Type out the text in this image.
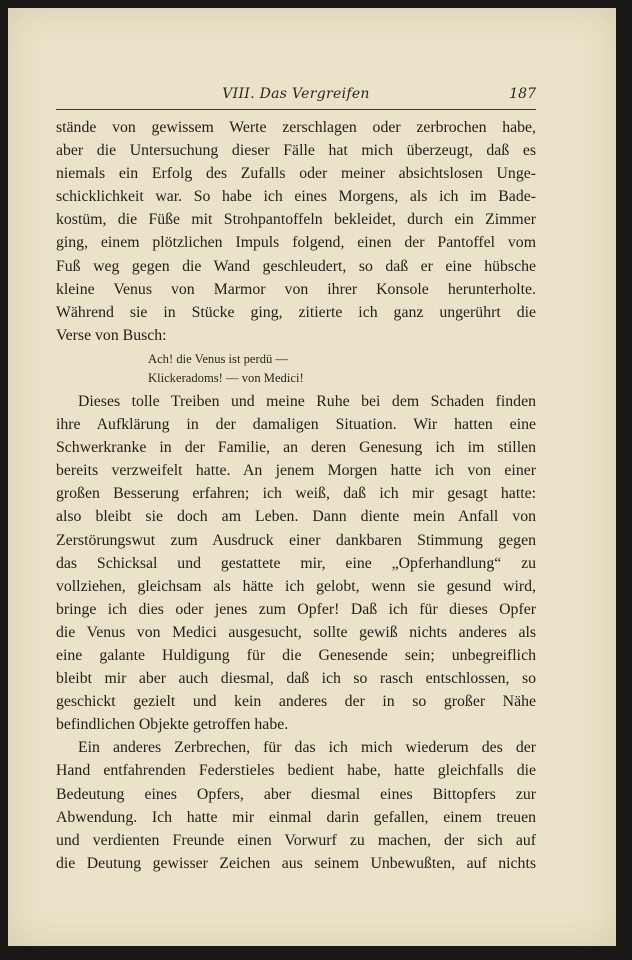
VIII. Das Vergreifen	187
stände von gewissem Werte zerschlagen oder zerbrochen habe,
aber die Untersuchung dieser Fälle hat mich überzeugt, daß es
niemals ein Erfolg des Zufalls oder meiner absichtslosen Unge-
schicklichkeit war. So habe ich eines Morgens, als ich im Bade-
kostüm, die Füße mit Strohpantoffeln bekleidet, durch ein Zimmer
ging, einem plötzlichen Impuls folgend, einen der Pantoffel vom
Fuß weg gegen die Wand geschleudert, so daß er eine hübsche
kleine Venus von Marmor von ihrer Konsole herunterholte.
Während sie in Stücke ging, zitierte ich ganz ungerührt die
Verse von Busch:
Ach! die Venus ist perdü —
Klickeradoms! — von Medici!
Dieses tolle Treiben und meine Ruhe bei dem Schaden finden
ihre Aufklärung in der damaligen Situation. Wir hatten eine
Schwerkranke in der Familie, an deren Genesung ich im stillen
bereits verzweifelt hatte. An jenem Morgen hatte ich von einer
großen Besserung erfahren; ich weiß, daß ich mir gesagt hatte:
also bleibt sie doch am Leben. Dann diente mein Anfall von
Zerstörungswut zum Ausdruck einer dankbaren Stimmung gegen
das Schicksal und gestattete mir, eine „Opferhandlung“ zu
vollziehen, gleichsam als hätte ich gelobt, wenn sie gesund wird,
bringe ich dies oder jenes zum Opfer! Daß ich für dieses Opfer
die Venus von Medici ausgesucht, sollte gewiß nichts anderes als
eine galante Huldigung für die Genesende sein; unbegreiflich
bleibt mir aber auch diesmal, daß ich so rasch entschlossen, so
geschickt gezielt und kein anderes der in so großer Nähe
befindlichen Objekte getroffen habe.
Ein anderes Zerbrechen, für das ich mich wiederum des der
Hand entfahrenden Federstieles bedient habe, hatte gleichfalls die
Bedeutung eines Opfers, aber diesmal eines Bittopfers zur
Abwendung. Ich hatte mir einmal darin gefallen, einem treuen
und verdienten Freunde einen Vorwurf zu machen, der sich auf
die Deutung gewisser Zeichen aus seinem Unbewußten, auf nichts
